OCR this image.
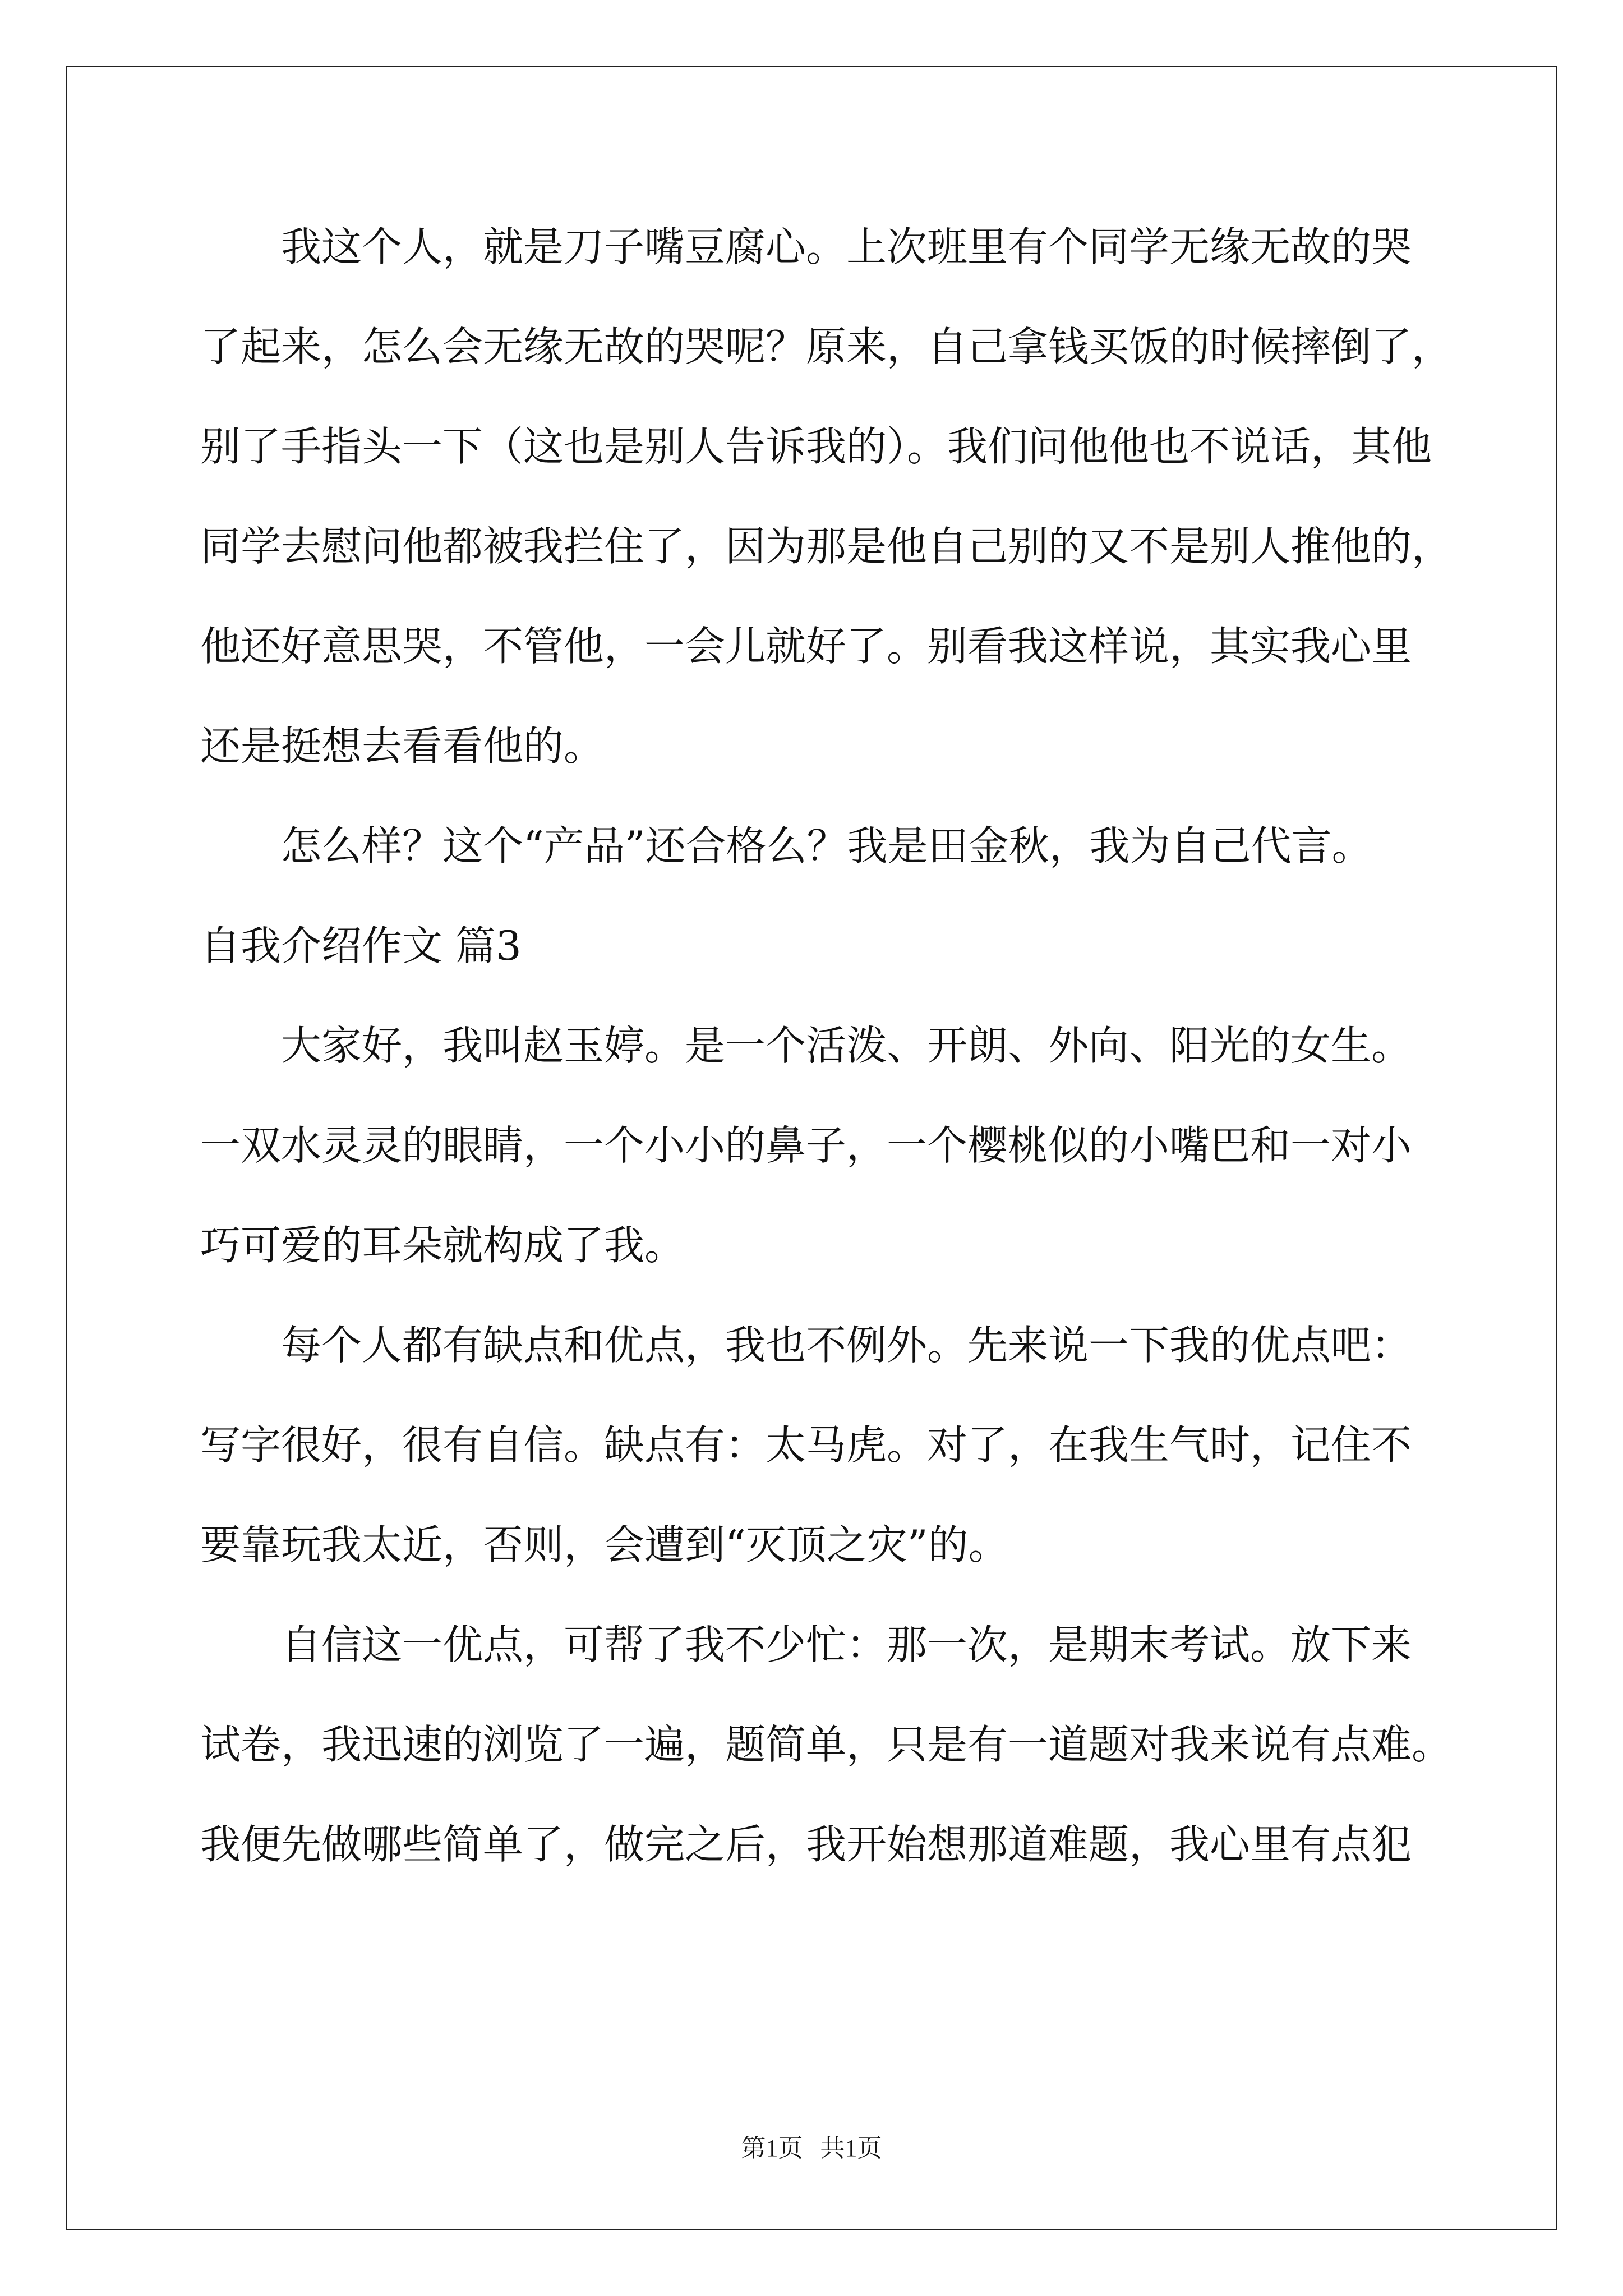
　　我这个人，就是刀子嘴豆腐心。上次班里有个同学无缘无故的哭
了起来，怎么会无缘无故的哭呢？原来，自己拿钱买饭的时候摔倒了，
别了手指头一下（这也是别人告诉我的）。我们问他他也不说话，其他
同学去慰问他都被我拦住了，因为那是他自己别的又不是别人推他的，
他还好意思哭，不管他，一会儿就好了。别看我这样说，其实我心里
还是挺想去看看他的。
　　怎么样？这个“产品”还合格么？我是田金秋，我为自己代言。
自我介绍作文 篇3
　　大家好，我叫赵玉婷。是一个活泼、开朗、外向、阳光的女生。
一双水灵灵的眼睛，一个小小的鼻子，一个樱桃似的小嘴巴和一对小
巧可爱的耳朵就构成了我。
　　每个人都有缺点和优点，我也不例外。先来说一下我的优点吧：
写字很好，很有自信。缺点有：太马虎。对了，在我生气时，记住不
要靠玩我太近，否则，会遭到“灭顶之灾”的。
　　自信这一优点，可帮了我不少忙：那一次，是期末考试。放下来
试卷，我迅速的浏览了一遍，题简单，只是有一道题对我来说有点难。
我便先做哪些简单了，做完之后，我开始想那道难题，我心里有点犯
第1页 共1页
